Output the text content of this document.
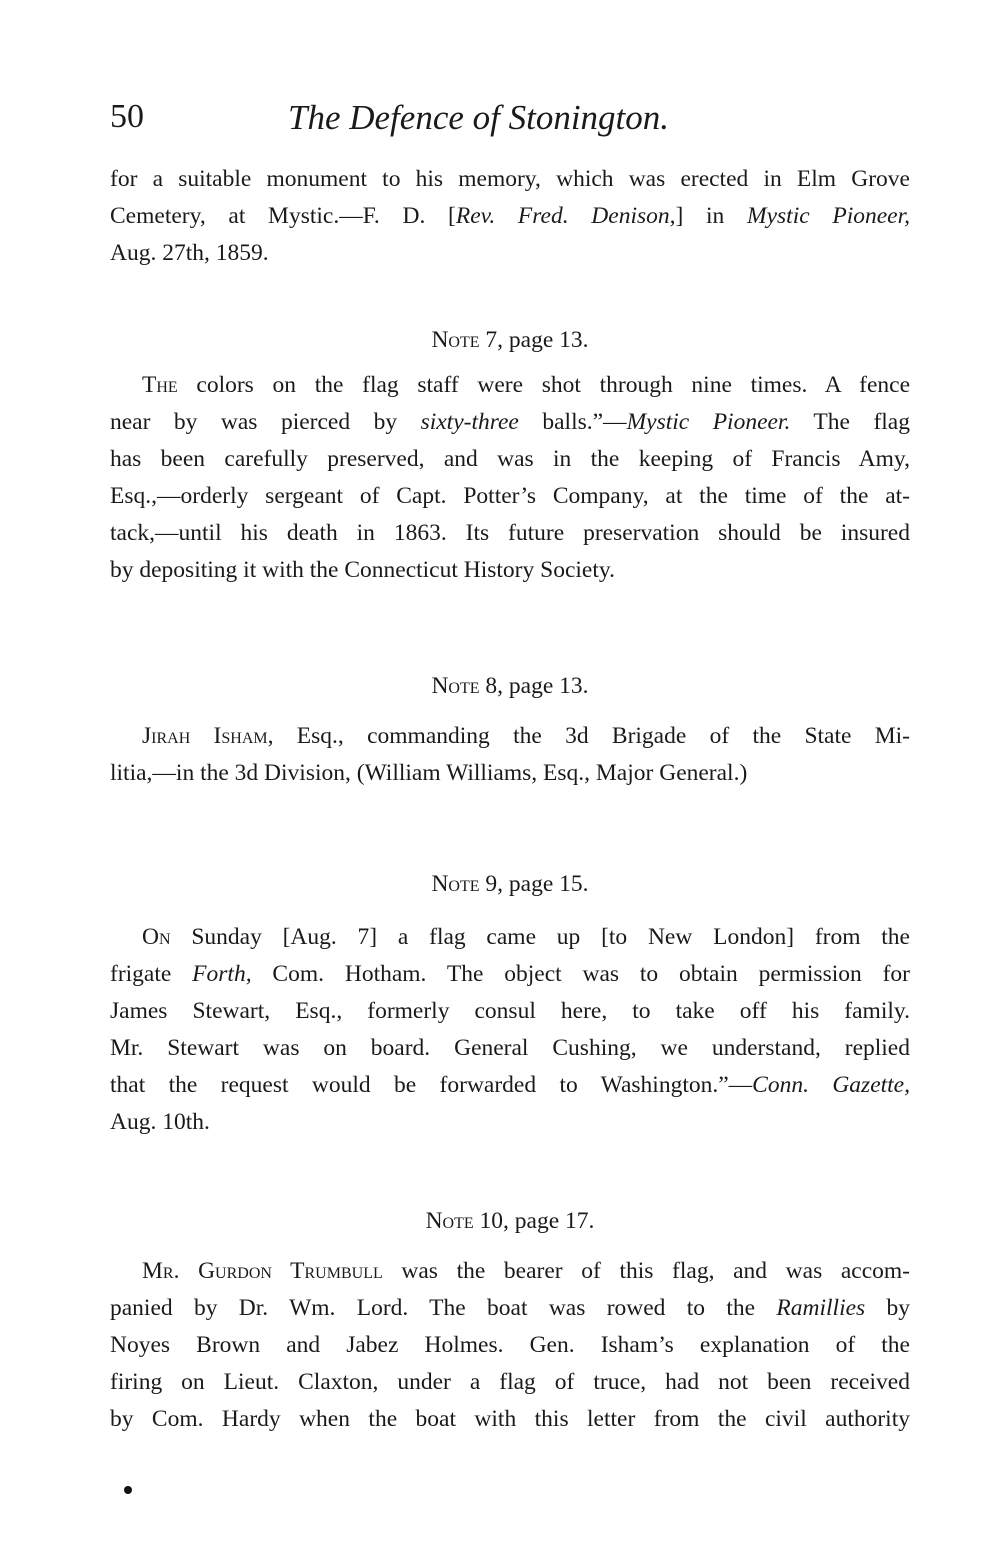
50	The Defence of Stonington.
for a suitable monument to his memory, which was erected in Elm Grove
Cemetery, at Mystic.—F. D. [Rev. Fred. Denison,] in Mystic Pioneer,
Aug. 27th, 1859.
Note 7, page 13.
The colors on the flag staff were shot through nine times. A fence
near by was pierced by sixty-three balls.”—Mystic Pioneer. The flag
has been carefully preserved, and was in the keeping of Francis Amy,
Esq.,—orderly sergeant of Capt. Potter’s Company, at the time of the at-
tack,—until his death in 1863. Its future preservation should be insured
by depositing it with the Connecticut History Society.
Note 8, page 13.
Jirah Isham, Esq., commanding the 3d Brigade of the State Mi-
litia,—in the 3d Division, (William Williams, Esq., Major General.)
Note 9, page 15.
On Sunday [Aug. 7] a flag came up [to New London] from the
frigate Forth, Com. Hotham. The object was to obtain permission for
James Stewart, Esq., formerly consul here, to take off his family.
Mr. Stewart was on board. General Cushing, we understand, replied
that the request would be forwarded to Washington.”—Conn. Gazette,
Aug. 10th.
Note 10, page 17.
Mr. Gurdon Trumbull was the bearer of this flag, and was accom-
panied by Dr. Wm. Lord. The boat was rowed to the Ramillies by
Noyes Brown and Jabez Holmes. Gen. Isham’s explanation of the
firing on Lieut. Claxton, under a flag of truce, had not been received
by Com. Hardy when the boat with this letter from the civil authority
